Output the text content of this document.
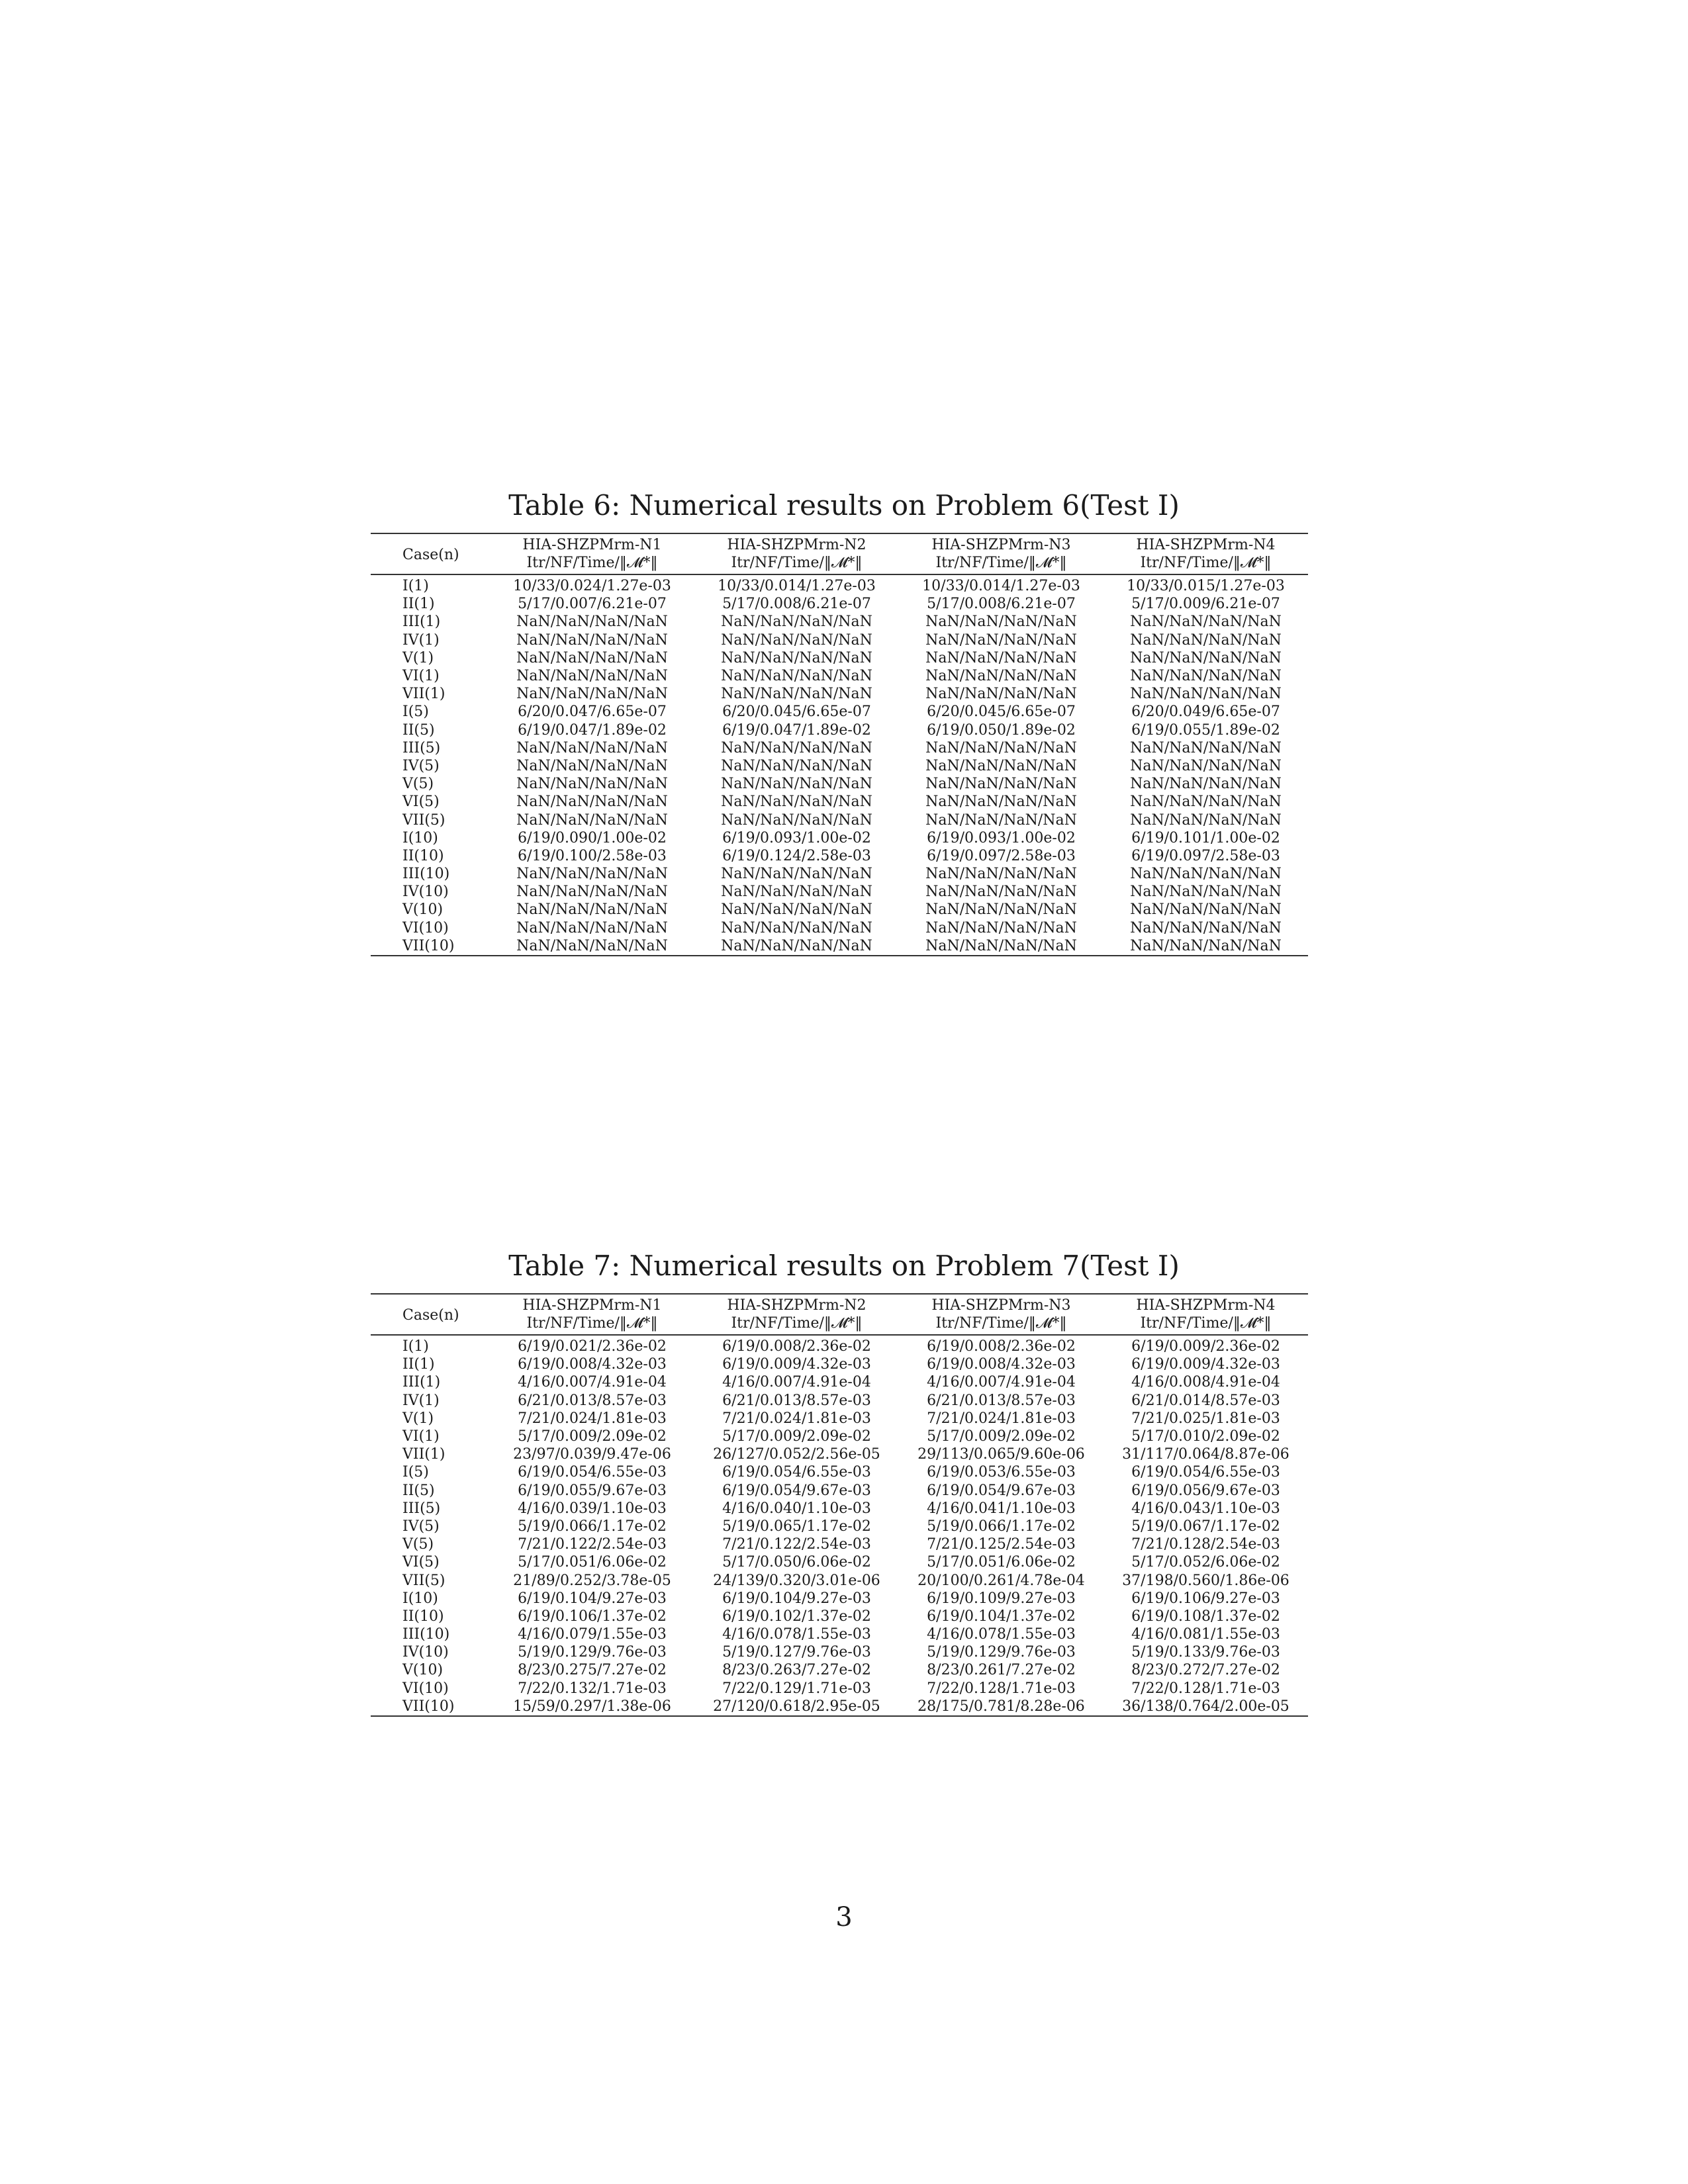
Table 6: Numerical results on Problem 6(Test I)
Case(n)	HIA-SHZPMrm-N1	HIA-SHZPMrm-N2	HIA-SHZPMrm-N3	HIA-SHZPMrm-N4
	Itr/NF/Time/‖𝓜*‖	Itr/NF/Time/‖𝓜*‖	Itr/NF/Time/‖𝓜*‖	Itr/NF/Time/‖𝓜*‖
I(1)	10/33/0.024/1.27e-03	10/33/0.014/1.27e-03	10/33/0.014/1.27e-03	10/33/0.015/1.27e-03
II(1)	5/17/0.007/6.21e-07	5/17/0.008/6.21e-07	5/17/0.008/6.21e-07	5/17/0.009/6.21e-07
III(1)	NaN/NaN/NaN/NaN	NaN/NaN/NaN/NaN	NaN/NaN/NaN/NaN	NaN/NaN/NaN/NaN
IV(1)	NaN/NaN/NaN/NaN	NaN/NaN/NaN/NaN	NaN/NaN/NaN/NaN	NaN/NaN/NaN/NaN
V(1)	NaN/NaN/NaN/NaN	NaN/NaN/NaN/NaN	NaN/NaN/NaN/NaN	NaN/NaN/NaN/NaN
VI(1)	NaN/NaN/NaN/NaN	NaN/NaN/NaN/NaN	NaN/NaN/NaN/NaN	NaN/NaN/NaN/NaN
VII(1)	NaN/NaN/NaN/NaN	NaN/NaN/NaN/NaN	NaN/NaN/NaN/NaN	NaN/NaN/NaN/NaN
I(5)	6/20/0.047/6.65e-07	6/20/0.045/6.65e-07	6/20/0.045/6.65e-07	6/20/0.049/6.65e-07
II(5)	6/19/0.047/1.89e-02	6/19/0.047/1.89e-02	6/19/0.050/1.89e-02	6/19/0.055/1.89e-02
III(5)	NaN/NaN/NaN/NaN	NaN/NaN/NaN/NaN	NaN/NaN/NaN/NaN	NaN/NaN/NaN/NaN
IV(5)	NaN/NaN/NaN/NaN	NaN/NaN/NaN/NaN	NaN/NaN/NaN/NaN	NaN/NaN/NaN/NaN
V(5)	NaN/NaN/NaN/NaN	NaN/NaN/NaN/NaN	NaN/NaN/NaN/NaN	NaN/NaN/NaN/NaN
VI(5)	NaN/NaN/NaN/NaN	NaN/NaN/NaN/NaN	NaN/NaN/NaN/NaN	NaN/NaN/NaN/NaN
VII(5)	NaN/NaN/NaN/NaN	NaN/NaN/NaN/NaN	NaN/NaN/NaN/NaN	NaN/NaN/NaN/NaN
I(10)	6/19/0.090/1.00e-02	6/19/0.093/1.00e-02	6/19/0.093/1.00e-02	6/19/0.101/1.00e-02
II(10)	6/19/0.100/2.58e-03	6/19/0.124/2.58e-03	6/19/0.097/2.58e-03	6/19/0.097/2.58e-03
III(10)	NaN/NaN/NaN/NaN	NaN/NaN/NaN/NaN	NaN/NaN/NaN/NaN	NaN/NaN/NaN/NaN
IV(10)	NaN/NaN/NaN/NaN	NaN/NaN/NaN/NaN	NaN/NaN/NaN/NaN	NaN/NaN/NaN/NaN
V(10)	NaN/NaN/NaN/NaN	NaN/NaN/NaN/NaN	NaN/NaN/NaN/NaN	NaN/NaN/NaN/NaN
VI(10)	NaN/NaN/NaN/NaN	NaN/NaN/NaN/NaN	NaN/NaN/NaN/NaN	NaN/NaN/NaN/NaN
VII(10)	NaN/NaN/NaN/NaN	NaN/NaN/NaN/NaN	NaN/NaN/NaN/NaN	NaN/NaN/NaN/NaN
Table 7: Numerical results on Problem 7(Test I)
Case(n)	HIA-SHZPMrm-N1	HIA-SHZPMrm-N2	HIA-SHZPMrm-N3	HIA-SHZPMrm-N4
	Itr/NF/Time/‖𝓜*‖	Itr/NF/Time/‖𝓜*‖	Itr/NF/Time/‖𝓜*‖	Itr/NF/Time/‖𝓜*‖
I(1)	6/19/0.021/2.36e-02	6/19/0.008/2.36e-02	6/19/0.008/2.36e-02	6/19/0.009/2.36e-02
II(1)	6/19/0.008/4.32e-03	6/19/0.009/4.32e-03	6/19/0.008/4.32e-03	6/19/0.009/4.32e-03
III(1)	4/16/0.007/4.91e-04	4/16/0.007/4.91e-04	4/16/0.007/4.91e-04	4/16/0.008/4.91e-04
IV(1)	6/21/0.013/8.57e-03	6/21/0.013/8.57e-03	6/21/0.013/8.57e-03	6/21/0.014/8.57e-03
V(1)	7/21/0.024/1.81e-03	7/21/0.024/1.81e-03	7/21/0.024/1.81e-03	7/21/0.025/1.81e-03
VI(1)	5/17/0.009/2.09e-02	5/17/0.009/2.09e-02	5/17/0.009/2.09e-02	5/17/0.010/2.09e-02
VII(1)	23/97/0.039/9.47e-06	26/127/0.052/2.56e-05	29/113/0.065/9.60e-06	31/117/0.064/8.87e-06
I(5)	6/19/0.054/6.55e-03	6/19/0.054/6.55e-03	6/19/0.053/6.55e-03	6/19/0.054/6.55e-03
II(5)	6/19/0.055/9.67e-03	6/19/0.054/9.67e-03	6/19/0.054/9.67e-03	6/19/0.056/9.67e-03
III(5)	4/16/0.039/1.10e-03	4/16/0.040/1.10e-03	4/16/0.041/1.10e-03	4/16/0.043/1.10e-03
IV(5)	5/19/0.066/1.17e-02	5/19/0.065/1.17e-02	5/19/0.066/1.17e-02	5/19/0.067/1.17e-02
V(5)	7/21/0.122/2.54e-03	7/21/0.122/2.54e-03	7/21/0.125/2.54e-03	7/21/0.128/2.54e-03
VI(5)	5/17/0.051/6.06e-02	5/17/0.050/6.06e-02	5/17/0.051/6.06e-02	5/17/0.052/6.06e-02
VII(5)	21/89/0.252/3.78e-05	24/139/0.320/3.01e-06	20/100/0.261/4.78e-04	37/198/0.560/1.86e-06
I(10)	6/19/0.104/9.27e-03	6/19/0.104/9.27e-03	6/19/0.109/9.27e-03	6/19/0.106/9.27e-03
II(10)	6/19/0.106/1.37e-02	6/19/0.102/1.37e-02	6/19/0.104/1.37e-02	6/19/0.108/1.37e-02
III(10)	4/16/0.079/1.55e-03	4/16/0.078/1.55e-03	4/16/0.078/1.55e-03	4/16/0.081/1.55e-03
IV(10)	5/19/0.129/9.76e-03	5/19/0.127/9.76e-03	5/19/0.129/9.76e-03	5/19/0.133/9.76e-03
V(10)	8/23/0.275/7.27e-02	8/23/0.263/7.27e-02	8/23/0.261/7.27e-02	8/23/0.272/7.27e-02
VI(10)	7/22/0.132/1.71e-03	7/22/0.129/1.71e-03	7/22/0.128/1.71e-03	7/22/0.128/1.71e-03
VII(10)	15/59/0.297/1.38e-06	27/120/0.618/2.95e-05	28/175/0.781/8.28e-06	36/138/0.764/2.00e-05
3
